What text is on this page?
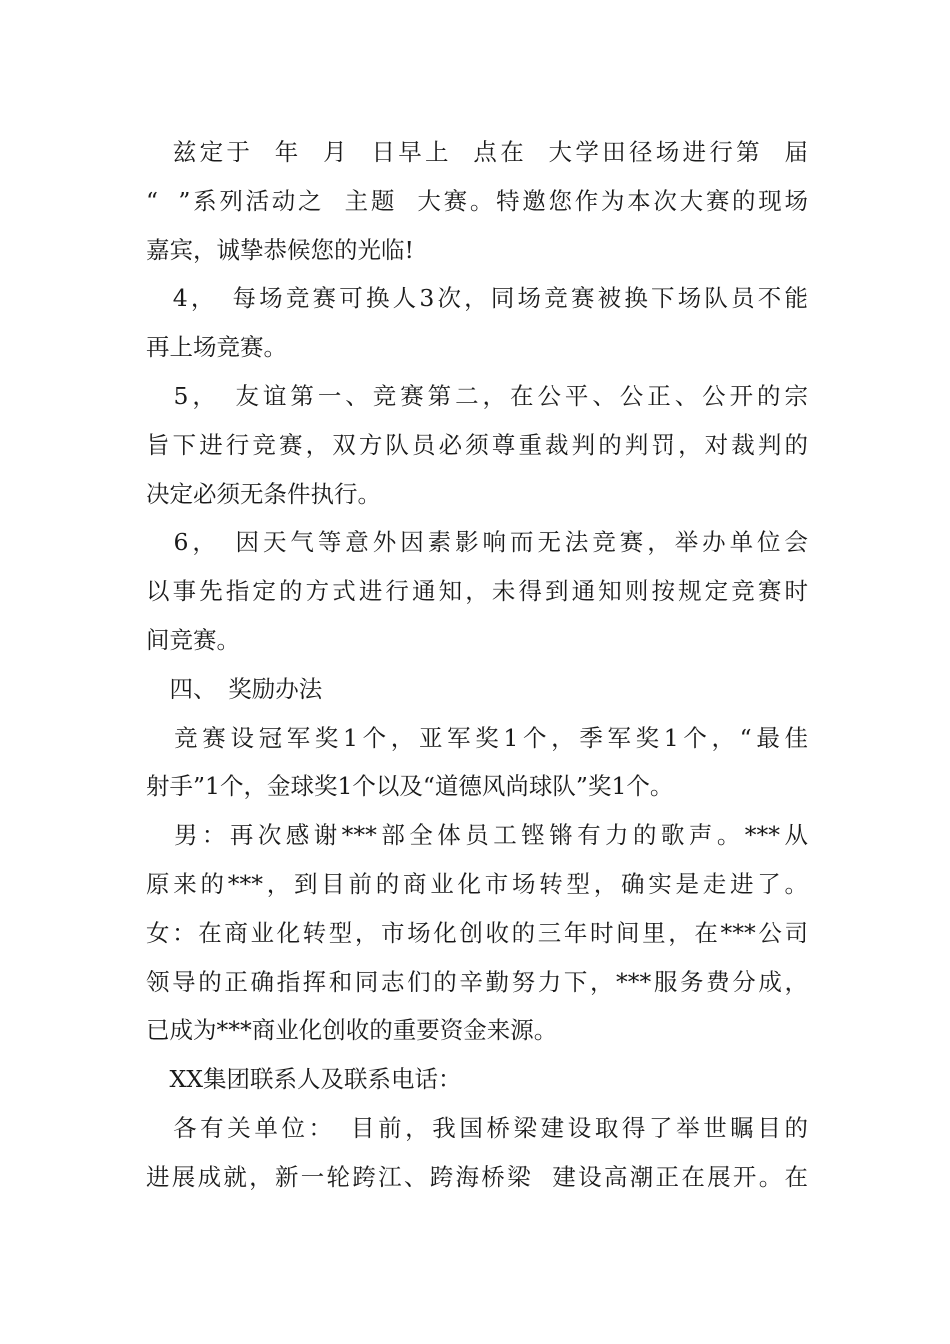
　兹定于  年  月  日早上  点在  大学田径场进行第  届
“  ”系列活动之  主题  大赛。特邀您作为本次大赛的现场
嘉宾，诚挚恭候您的光临!
　4，　每场竞赛可换人3次，同场竞赛被换下场队员不能
再上场竞赛。
　5，　友谊第一、竞赛第二，在公平、公正、公开的宗
旨下进行竞赛，双方队员必须尊重裁判的判罚，对裁判的
决定必须无条件执行。
　6，　因天气等意外因素影响而无法竞赛，举办单位会
以事先指定的方式进行通知，未得到通知则按规定竞赛时
间竞赛。
　四、　奖励办法
　竞赛设冠军奖1个，亚军奖1个，季军奖1个，“最佳
射手”1个，金球奖1个以及“道德风尚球队”奖1个。
　男：再次感谢***部全体员工铿锵有力的歌声。***从
原来的***，到目前的商业化市场转型，确实是走进了。
女：在商业化转型，市场化创收的三年时间里，在***公司
领导的正确指挥和同志们的辛勤努力下，***服务费分成，
已成为***商业化创收的重要资金来源。
　XX集团联系人及联系电话：
　各有关单位：　目前，我国桥梁建设取得了举世瞩目的
进展成就，新一轮跨江、跨海桥梁  建设高潮正在展开。在
